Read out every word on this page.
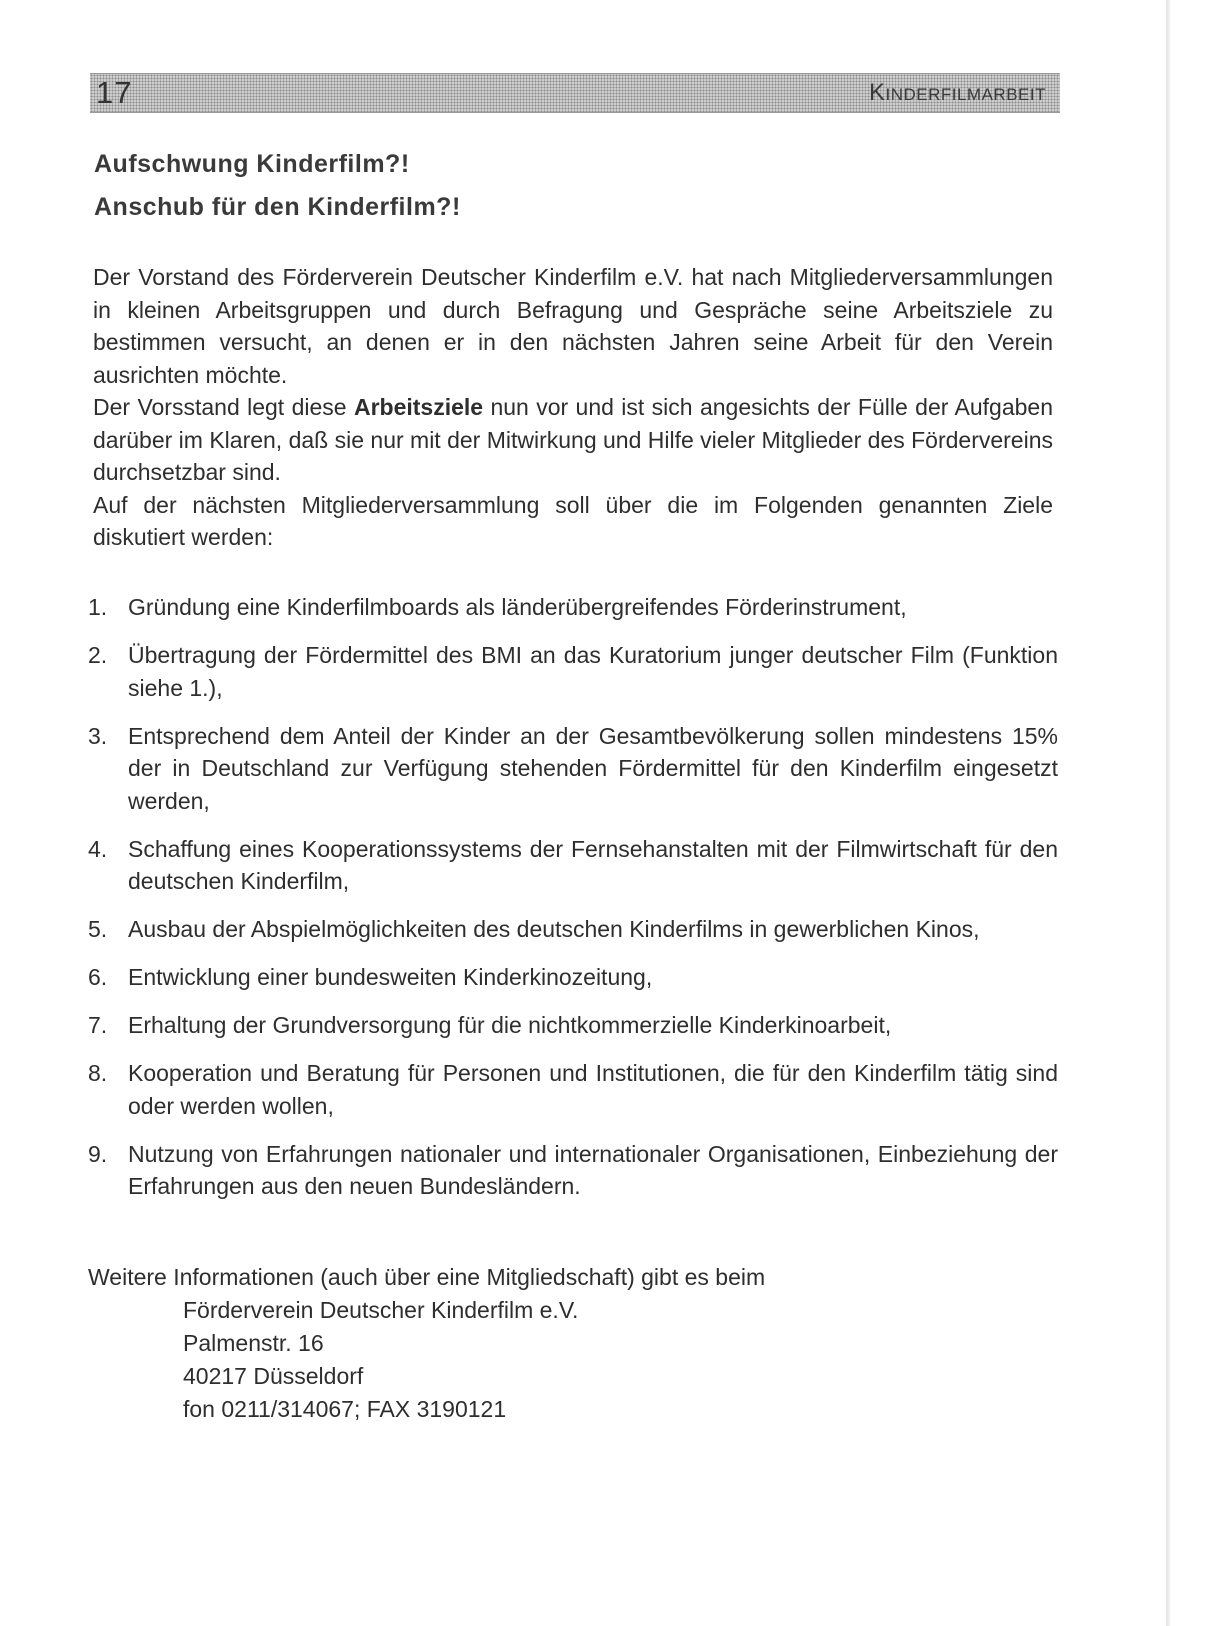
17	Kinderfilmarbeit
Aufschwung Kinderfilm?!
Anschub für den Kinderfilm?!

Der Vorstand des Förderverein Deutscher Kinderfilm e.V. hat nach Mitgliederversammlungen in kleinen Arbeitsgruppen und durch Befragung und Gespräche seine Arbeitsziele zu bestimmen versucht, an denen er in den nächsten Jahren seine Arbeit für den Verein ausrichten möchte.

Der Vorsstand legt diese Arbeitsziele nun vor und ist sich angesichts der Fülle der Aufgaben darüber im Klaren, daß sie nur mit der Mitwirkung und Hilfe vieler Mitglieder des Fördervereins durchsetzbar sind.

Auf der nächsten Mitgliederversammlung soll über die im Folgenden genannten Ziele diskutiert werden:

1. Gründung eine Kinderfilmboards als länderübergreifendes Förderinstrument,
2. Übertragung der Fördermittel des BMI an das Kuratorium junger deutscher Film (Funktion siehe 1.),
3. Entsprechend dem Anteil der Kinder an der Gesamtbevölkerung sollen mindestens 15% der in Deutschland zur Verfügung stehenden Fördermittel für den Kinderfilm eingesetzt werden,
4. Schaffung eines Kooperationssystems der Fernsehanstalten mit der Filmwirtschaft für den deutschen Kinderfilm,
5. Ausbau der Abspielmöglichkeiten des deutschen Kinderfilms in gewerblichen Kinos,
6. Entwicklung einer bundesweiten Kinderkinozeitung,
7. Erhaltung der Grundversorgung für die nichtkommerzielle Kinderkinoarbeit,
8. Kooperation und Beratung für Personen und Institutionen, die für den Kinderfilm tätig sind oder werden wollen,
9. Nutzung von Erfahrungen nationaler und internationaler Organisationen, Einbeziehung der Erfahrungen aus den neuen Bundesländern.
Weitere Informationen (auch über eine Mitgliedschaft) gibt es beim
Förderverein Deutscher Kinderfilm e.V.
Palmenstr. 16
40217 Düsseldorf
fon 0211/314067; FAX 3190121
